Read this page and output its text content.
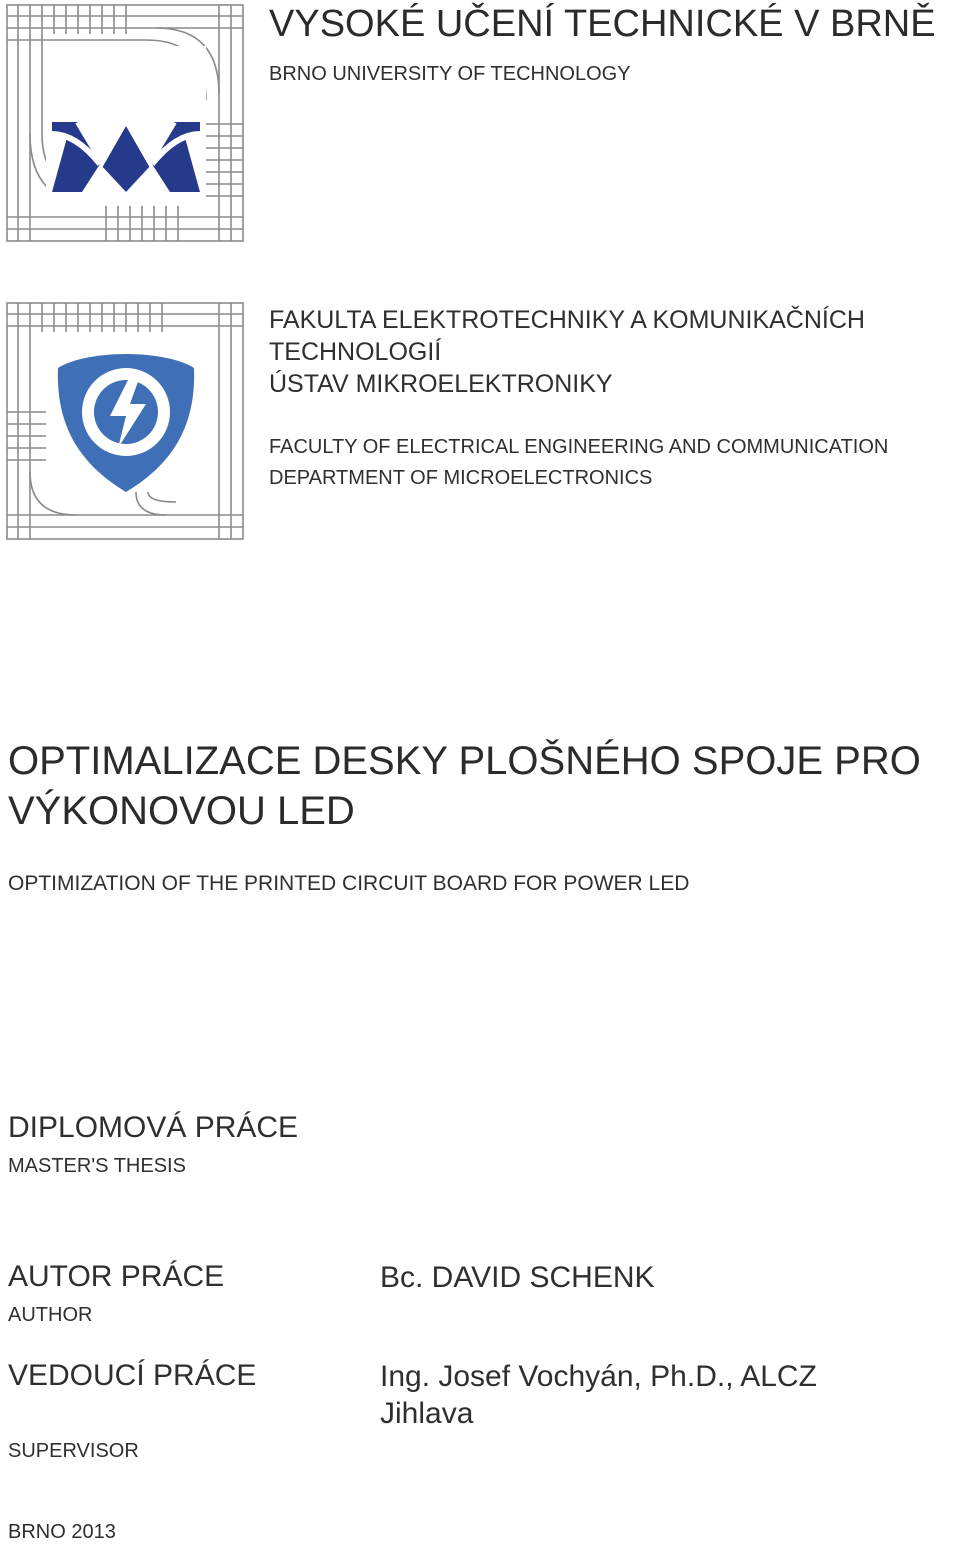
VYSOKÉ UČENÍ TECHNICKÉ V BRNĚ
BRNO UNIVERSITY OF TECHNOLOGY
FAKULTA ELEKTROTECHNIKY A KOMUNIKAČNÍCH TECHNOLOGIÍ
ÚSTAV MIKROELEKTRONIKY
FACULTY OF ELECTRICAL ENGINEERING AND COMMUNICATION
DEPARTMENT OF MICROELECTRONICS
OPTIMALIZACE DESKY PLOŠNÉHO SPOJE PRO VÝKONOVOU LED
OPTIMIZATION OF THE PRINTED CIRCUIT BOARD FOR POWER LED
DIPLOMOVÁ PRÁCE
MASTER'S THESIS
AUTOR PRÁCE
AUTHOR
Bc. DAVID SCHENK
VEDOUCÍ PRÁCE	Ing. Josef Vochyán, Ph.D., ALCZ Jihlava
SUPERVISOR
BRNO 2013
